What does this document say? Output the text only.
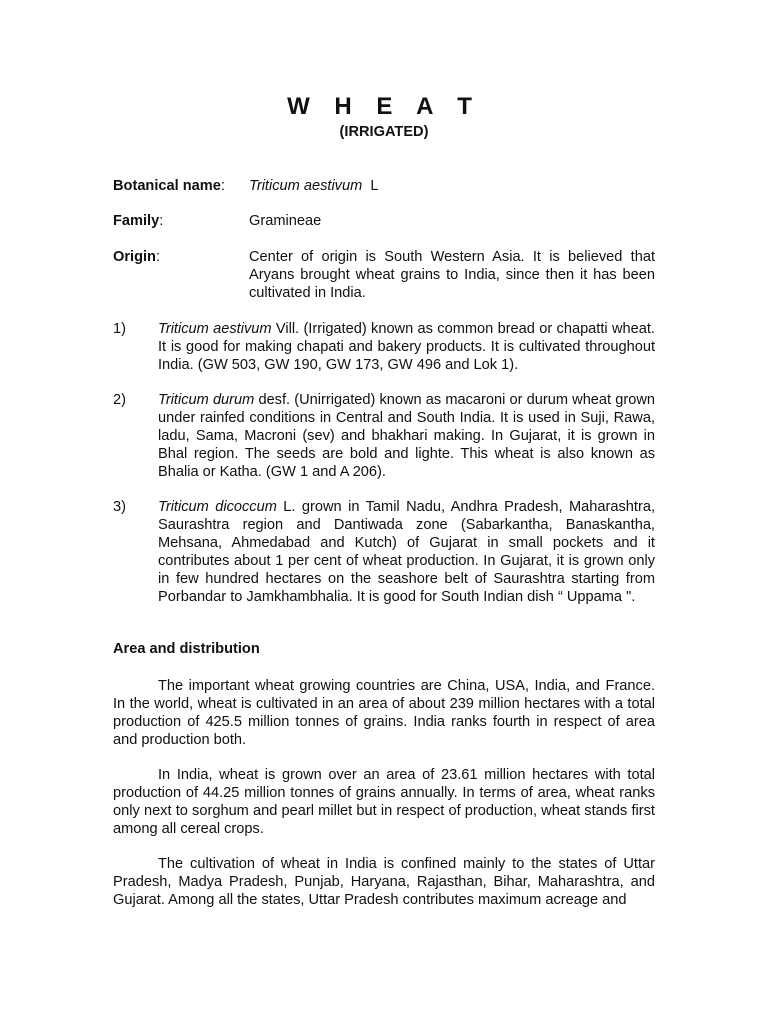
W H E A T
(IRRIGATED)
Botanical name: Triticum aestivum L
Family:	Gramineae
Origin:	Center of origin is South Western Asia. It is believed that Aryans brought wheat grains to India, since then it has been cultivated in India.
1) Triticum aestivum Vill. (Irrigated) known as common bread or chapatti wheat. It is good for making chapati and bakery products. It is cultivated throughout India. (GW 503, GW 190, GW 173, GW 496 and Lok 1).
2) Triticum durum desf. (Unirrigated) known as macaroni or durum wheat grown under rainfed conditions in Central and South India. It is used in Suji, Rawa, ladu, Sama, Macroni (sev) and bhakhari making. In Gujarat, it is grown in Bhal region. The seeds are bold and lighte. This wheat is also known as Bhalia or Katha. (GW 1 and A 206).
3) Triticum dicoccum L. grown in Tamil Nadu, Andhra Pradesh, Maharashtra, Saurashtra region and Dantiwada zone (Sabarkantha, Banaskantha, Mehsana, Ahmedabad and Kutch) of Gujarat in small pockets and it contributes about 1 per cent of wheat production. In Gujarat, it is grown only in few hundred hectares on the seashore belt of Saurashtra starting from Porbandar to Jamkhambhalia. It is good for South Indian dish “ Uppama ".
Area and distribution
The important wheat growing countries are China, USA, India, and France. In the world, wheat is cultivated in an area of about 239 million hectares with a total production of 425.5 million tonnes of grains. India ranks fourth in respect of area and production both.
In India, wheat is grown over an area of 23.61 million hectares with total production of 44.25 million tonnes of grains annually. In terms of area, wheat ranks only next to sorghum and pearl millet but in respect of production, wheat stands first among all cereal crops.
The cultivation of wheat in India is confined mainly to the states of Uttar Pradesh, Madya Pradesh, Punjab, Haryana, Rajasthan, Bihar, Maharashtra, and Gujarat. Among all the states, Uttar Pradesh contributes maximum acreage and
